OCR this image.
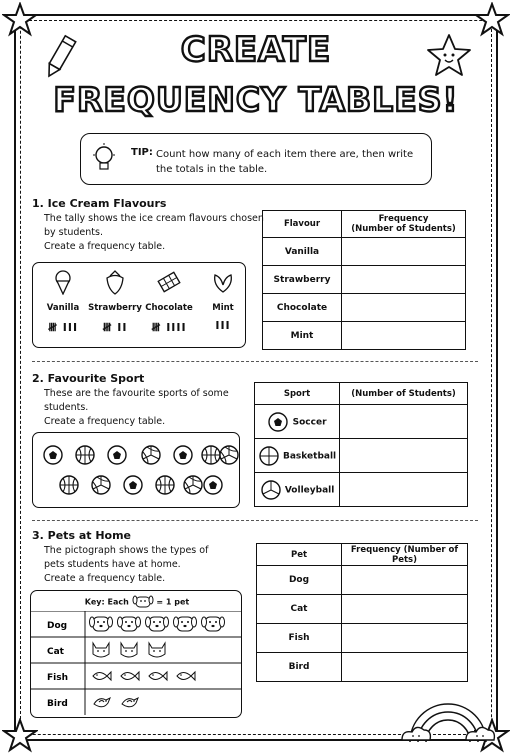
CREATE
FREQUENCY TABLES!
TIP: Count how many of each item there are, then write the totals in the table.
1. Ice Cream Flavours
The tally shows the ice cream flavours chosen by students.
Create a frequency table.
Vanilla
𝍸 III
Strawberry
𝍸 II
Chocolate
𝍸 IIII
Mint
III
Flavour	Frequency
(Number of Students)

Vanilla	
Strawberry	
Chocolate	
Mint	
2. Favourite Sport
These are the favourite sports of some students.
Create a frequency table.
Sport	(Number of Students)
Soccer	
Basketball	
Volleyball	
3. Pets at Home
The pictograph shows the types of pets students have at home.
Create a frequency table.
Key: Each	= 1 pet
Dog
Cat
Fish
Bird
Pet	Frequency (Number of Pets)
Dog	
Cat	
Fish	
Bird	
